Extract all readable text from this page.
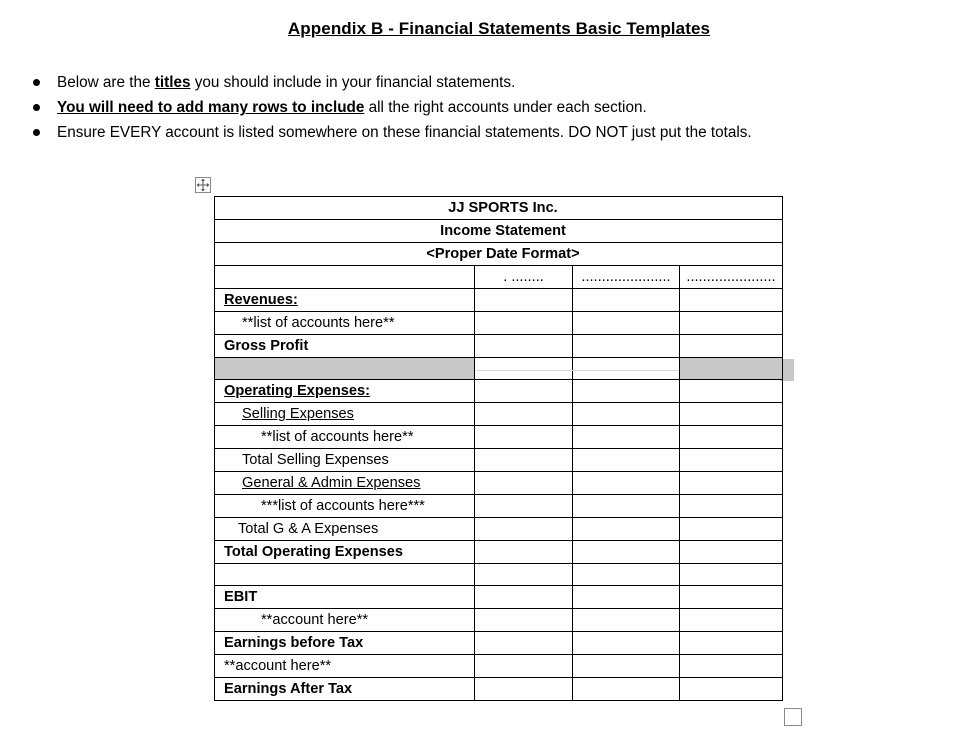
Appendix B - Financial Statements Basic Templates
Below are the titles you should include in your financial statements.
You will need to add many rows to include all the right accounts under each section.
Ensure EVERY account is listed somewhere on these financial statements. DO NOT just put the totals.
JJ SPORTS Inc.			
Income Statement			
<Proper Date Format>			
	. ........	......................	......................
Revenues:			
**list of accounts here**			
Gross Profit			

Operating Expenses:			
Selling Expenses			
**list of accounts here**			
Total Selling Expenses			
General & Admin Expenses			
***list of accounts here***			
Total G & A Expenses			
Total Operating Expenses			

EBIT			
**account here**			
Earnings before Tax			
**account here**			
Earnings After Tax			
